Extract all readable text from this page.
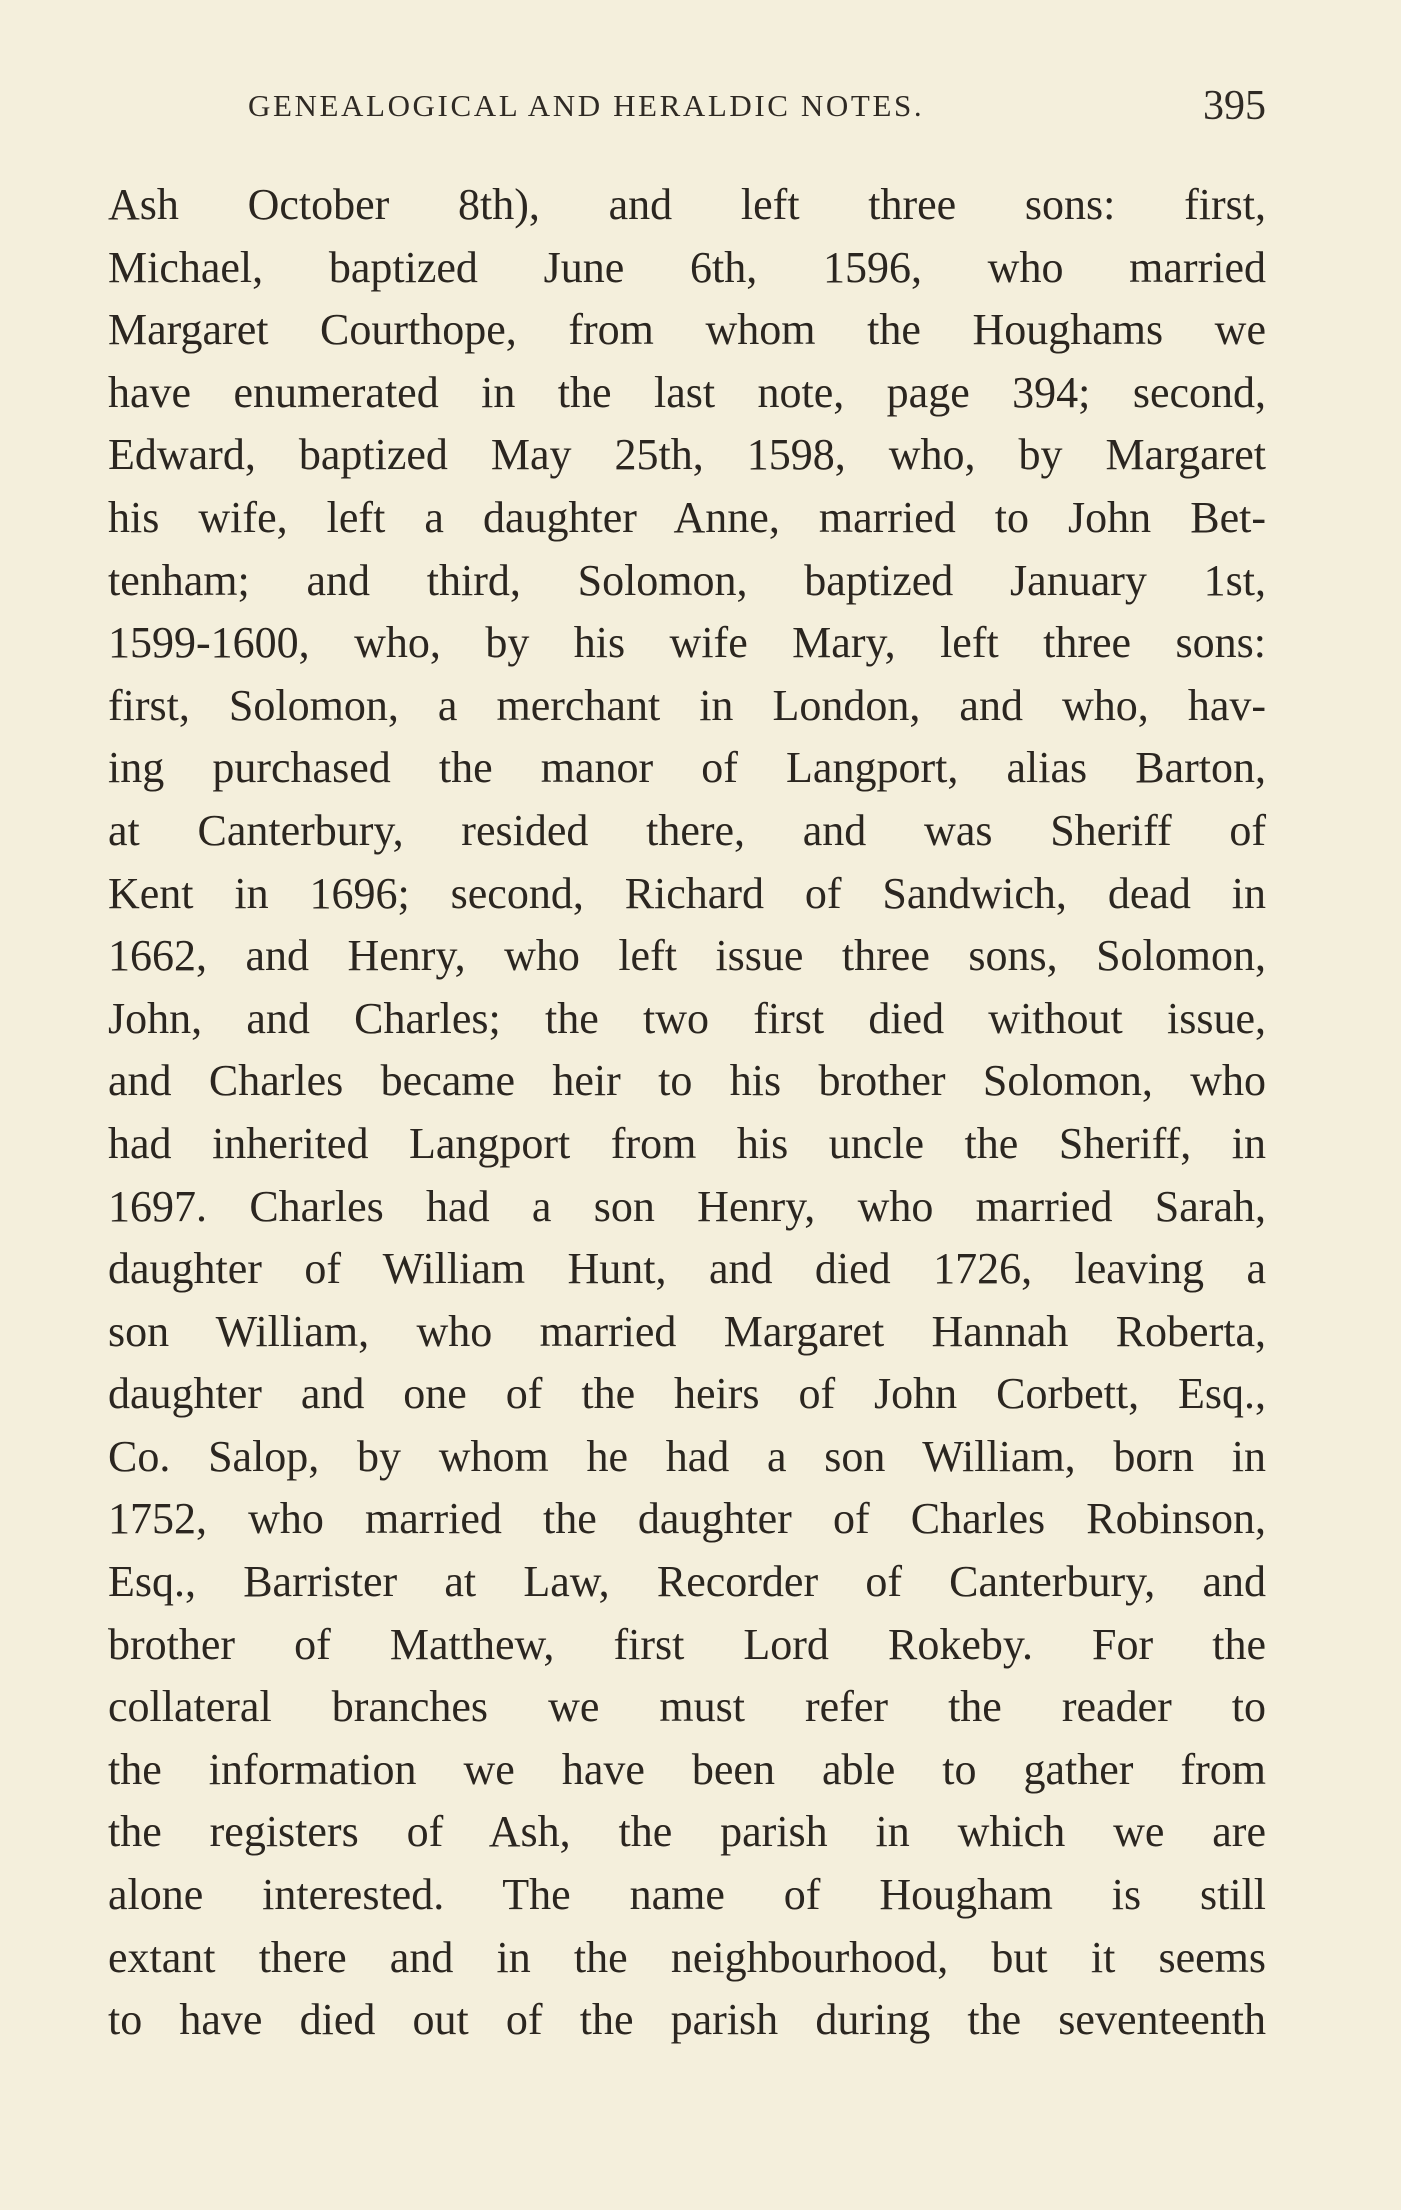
GENEALOGICAL AND HERALDIC NOTES.	395
Ash October 8th), and left three sons: first,
Michael, baptized June 6th, 1596, who married
Margaret Courthope, from whom the Houghams we
have enumerated in the last note, page 394; second,
Edward, baptized May 25th, 1598, who, by Margaret
his wife, left a daughter Anne, married to John Bet-
tenham; and third, Solomon, baptized January 1st,
1599-1600, who, by his wife Mary, left three sons:
first, Solomon, a merchant in London, and who, hav-
ing purchased the manor of Langport, alias Barton,
at Canterbury, resided there, and was Sheriff of
Kent in 1696; second, Richard of Sandwich, dead in
1662, and Henry, who left issue three sons, Solomon,
John, and Charles; the two first died without issue,
and Charles became heir to his brother Solomon, who
had inherited Langport from his uncle the Sheriff, in
1697. Charles had a son Henry, who married Sarah,
daughter of William Hunt, and died 1726, leaving a
son William, who married Margaret Hannah Roberta,
daughter and one of the heirs of John Corbett, Esq.,
Co. Salop, by whom he had a son William, born in
1752, who married the daughter of Charles Robinson,
Esq., Barrister at Law, Recorder of Canterbury, and
brother of Matthew, first Lord Rokeby. For the
collateral branches we must refer the reader to
the information we have been able to gather from
the registers of Ash, the parish in which we are
alone interested. The name of Hougham is still
extant there and in the neighbourhood, but it seems
to have died out of the parish during the seventeenth
